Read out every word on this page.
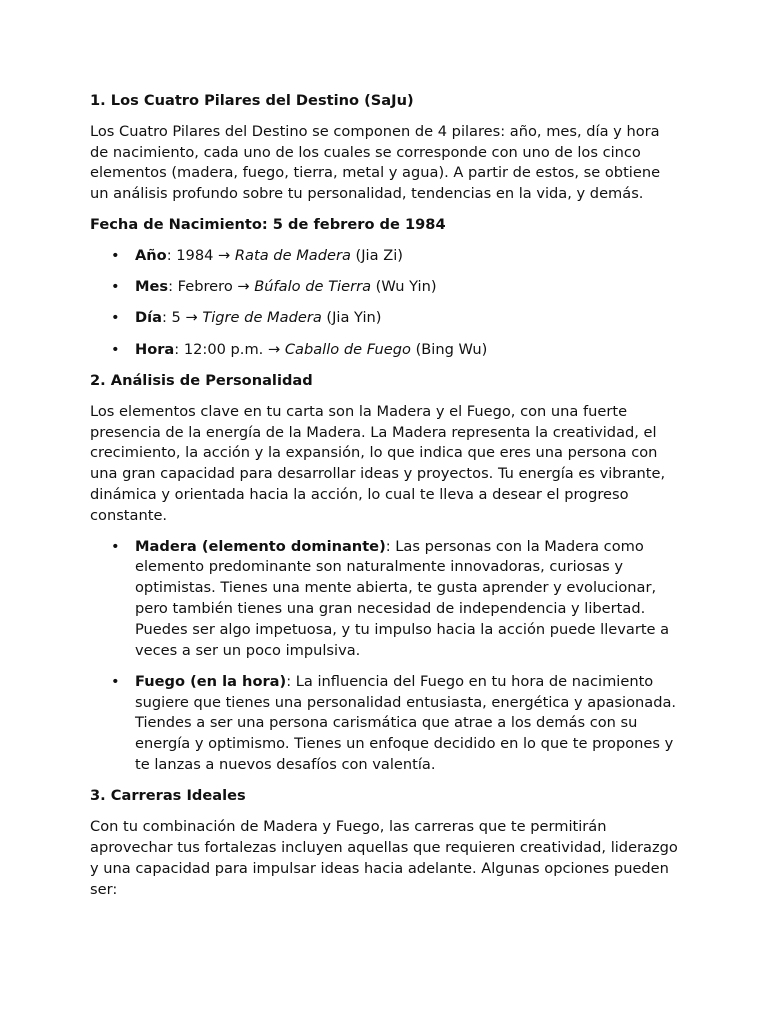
1. Los Cuatro Pilares del Destino (SaJu)
Los Cuatro Pilares del Destino se componen de 4 pilares: año, mes, día y hora de nacimiento, cada uno de los cuales se corresponde con uno de los cinco elementos (madera, fuego, tierra, metal y agua). A partir de estos, se obtiene un análisis profundo sobre tu personalidad, tendencias en la vida, y demás.
Fecha de Nacimiento: 5 de febrero de 1984
• Año: 1984 → Rata de Madera (Jia Zi)
• Mes: Febrero → Búfalo de Tierra (Wu Yin)
• Día: 5 → Tigre de Madera (Jia Yin)
• Hora: 12:00 p.m. → Caballo de Fuego (Bing Wu)
2. Análisis de Personalidad
Los elementos clave en tu carta son la Madera y el Fuego, con una fuerte presencia de la energía de la Madera. La Madera representa la creatividad, el crecimiento, la acción y la expansión, lo que indica que eres una persona con una gran capacidad para desarrollar ideas y proyectos. Tu energía es vibrante, dinámica y orientada hacia la acción, lo cual te lleva a desear el progreso constante.
• Madera (elemento dominante): Las personas con la Madera como elemento predominante son naturalmente innovadoras, curiosas y optimistas. Tienes una mente abierta, te gusta aprender y evolucionar, pero también tienes una gran necesidad de independencia y libertad. Puedes ser algo impetuosa, y tu impulso hacia la acción puede llevarte a veces a ser un poco impulsiva.
• Fuego (en la hora): La influencia del Fuego en tu hora de nacimiento sugiere que tienes una personalidad entusiasta, energética y apasionada. Tiendes a ser una persona carismática que atrae a los demás con su energía y optimismo. Tienes un enfoque decidido en lo que te propones y te lanzas a nuevos desafíos con valentía.
3. Carreras Ideales
Con tu combinación de Madera y Fuego, las carreras que te permitirán aprovechar tus fortalezas incluyen aquellas que requieren creatividad, liderazgo y una capacidad para impulsar ideas hacia adelante. Algunas opciones pueden ser:
